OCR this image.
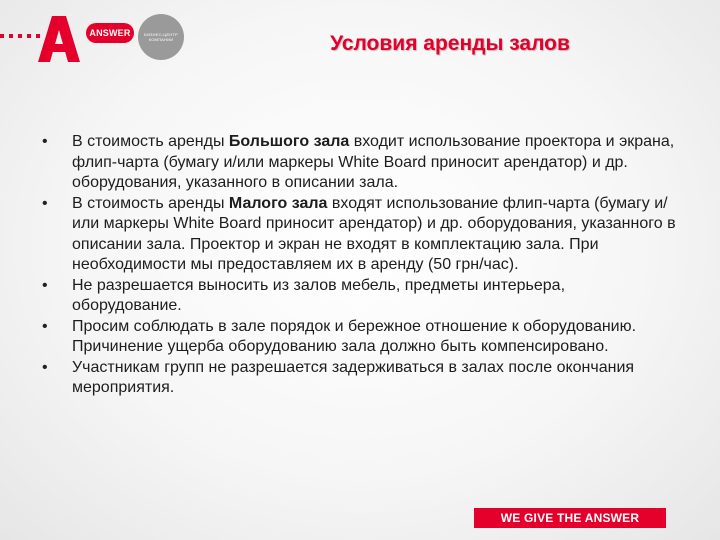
ANSWER	БИЗНЕС-ЦЕНТР КОМПАНИИ	Условия аренды залов
•	В стоимость аренды Большого зала входит использование проектора и экрана, флип-чарта (бумагу и/или маркеры White Board приносит арендатор) и др. оборудования, указанного в описании зала.
•	В стоимость аренды Малого зала входят использование флип-чарта (бумагу и/или маркеры White Board приносит арендатор) и др. оборудования, указанного в описании зала. Проектор и экран не входят в комплектацию зала. При необходимости мы предоставляем их в аренду (50 грн/час).
•	Не разрешается выносить из залов мебель, предметы интерьера, оборудование.
•	Просим соблюдать в зале порядок и бережное отношение к оборудованию. Причинение ущерба оборудованию зала должно быть компенсировано.
•	Участникам групп не разрешается задерживаться в залах после окончания мероприятия.
WE GIVE THE ANSWER
